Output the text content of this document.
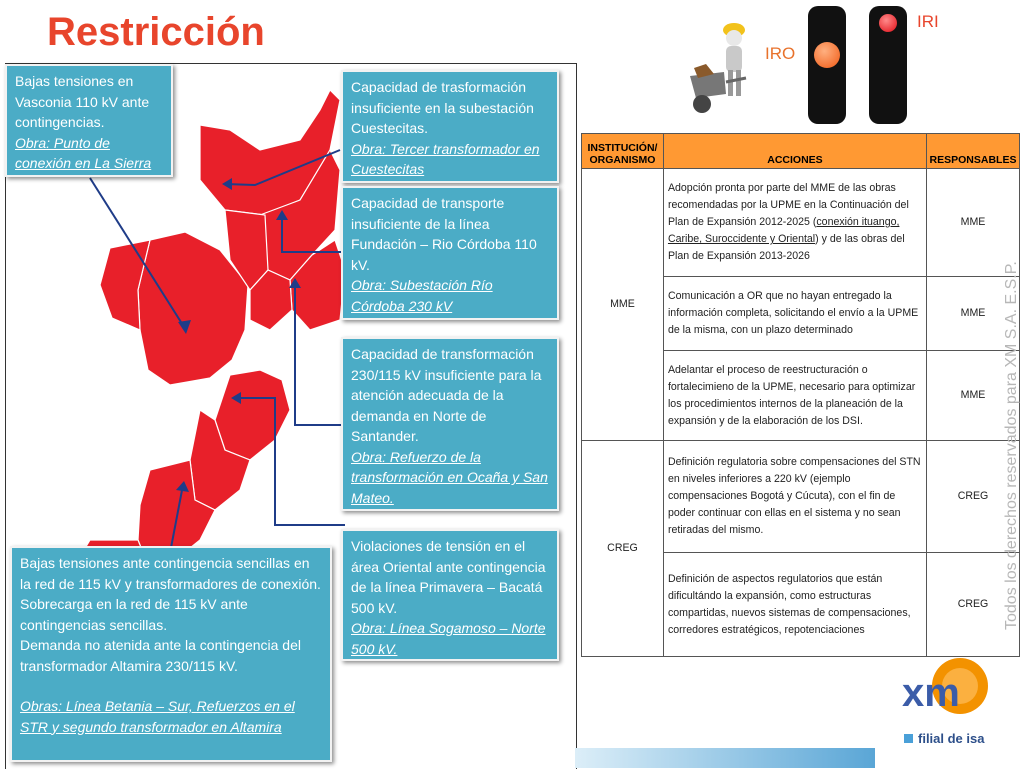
Restricción	IRO
IRI

Bajas tensiones en Vasconia 110 kV ante contingencias.

Obra: Punto de conexión en La Sierra

Capacidad de trasformación insuficiente en la subestación Cuestecitas.

Obra: Tercer transformador en Cuestecitas

Capacidad de transporte insuficiente de la línea Fundación – Rio Córdoba 110 kV.

Obra: Subestación Río Córdoba 230 kV

Capacidad de transformación 230/115 kV insuficiente para la atención adecuada de la demanda en Norte de Santander.

Obra: Refuerzo de la transformación en Ocaña y San Mateo.

Violaciones de tensión en el área Oriental ante contingencia de la línea Primavera – Bacatá 500 kV.

Obra: Línea Sogamoso – Norte 500 kV.

Bajas tensiones ante contingencia sencillas en la red de 115 kV y transformadores de conexión.

Sobrecarga en la red de 115 kV ante contingencias sencillas.

Demanda no atenida ante la contingencia del transformador Altamira 230/115 kV.

Obras: Línea Betania – Sur, Refuerzos en el STR y segundo transformador en Altamira
INSTITUCIÓN/ ORGANISMO	ACCIONES	RESPONSABLES
MME	Adopción pronta por parte del MME de las obras recomendadas por la UPME en la Continuación del Plan de Expansión 2012-2025 (conexión ituango, Caribe, Suroccidente y Oriental) y de las obras del Plan de Expansión 2013-2026	MME
	Comunicación a OR que no hayan entregado la información completa, solicitando el envío a la UPME de la misma, con un plazo determinado	MME
	Adelantar el proceso de reestructuración o fortalecimieno de la UPME, necesario para optimizar los procedimientos internos de la planeación de la expansión y de la elaboración de los DSI.	MME
CREG	Definición regulatoria sobre compensaciones del STN en niveles inferiores a 220 kV (ejemplo compensaciones Bogotá y Cúcuta), con el fin de poder continuar con ellas en el sistema y no sean retiradas del mismo.	CREG
	Definición de aspectos regulatorios que están dificultándo la expansión, como estructuras compartidas, nuevos sistemas de compensaciones, corredores estratégicos, repotenciaciones	CREG Todos los derechos reservados para XM S.A. E.S.P.
xm
filial de isa
